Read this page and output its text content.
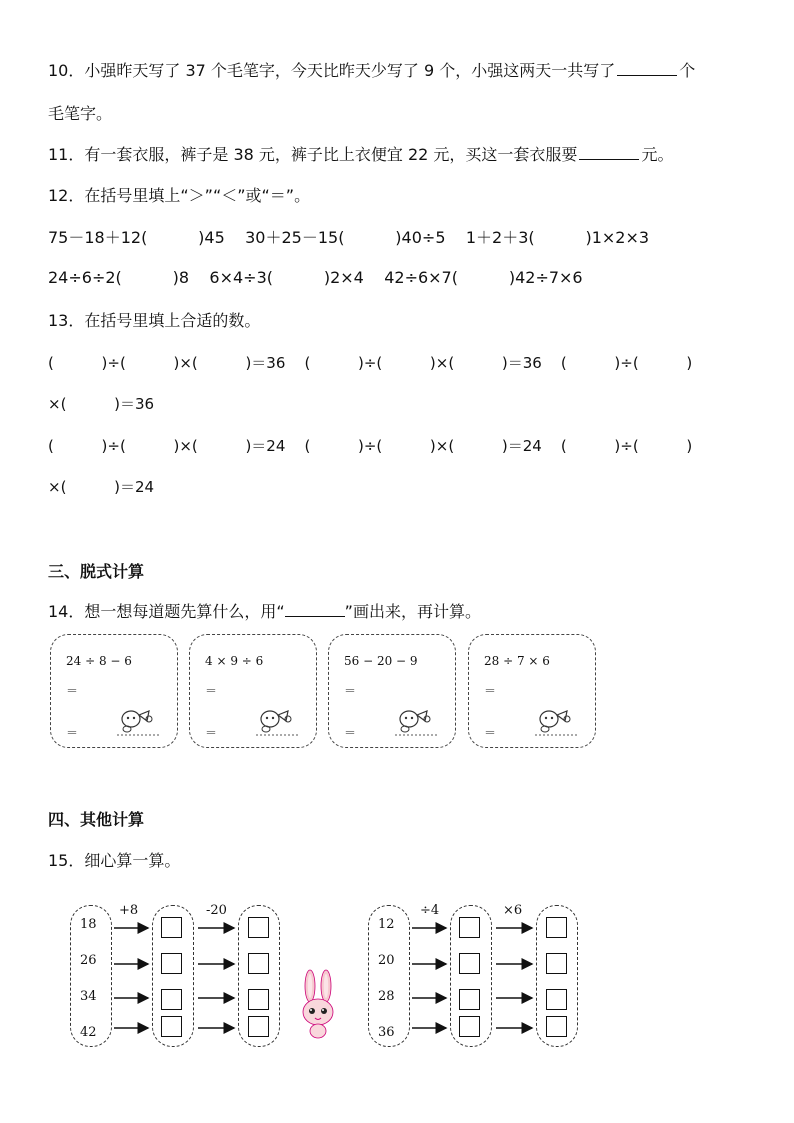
10．小强昨天写了 37 个毛笔字，今天比昨天少写了 9 个，小强这两天一共写了	个
毛笔字。
11．有一套衣服，裤子是 38 元，裤子比上衣便宜 22 元，买这一套衣服要	元。
12．在括号里填上“＞”“＜”或“＝”。
75－18＋12(          )45    30＋25－15(          )40÷5    1＋2＋3(          )1×2×3
24÷6÷2(          )8    6×4÷3(          )2×4    42÷6×7(          )42÷7×6
13．在括号里填上合适的数。
(          )÷(          )×(          )＝36    (          )÷(          )×(          )＝36    (          )÷(          )
×(          )＝36
(          )÷(          )×(          )＝24    (          )÷(          )×(          )＝24    (          )÷(          )
×(          )＝24
三、脱式计算
14．想一想每道题先算什么，用“	”画出来，再计算。
24 ÷ 8 − 6
＝
＝
4 × 9 ÷ 6
＝
＝
56 − 20 − 9
＝
＝
28 ÷ 7 × 6
＝
＝
四、其他计算
15．细心算一算。
18
26
34
42
+8	-20
12
20
28
36
÷4	×6
